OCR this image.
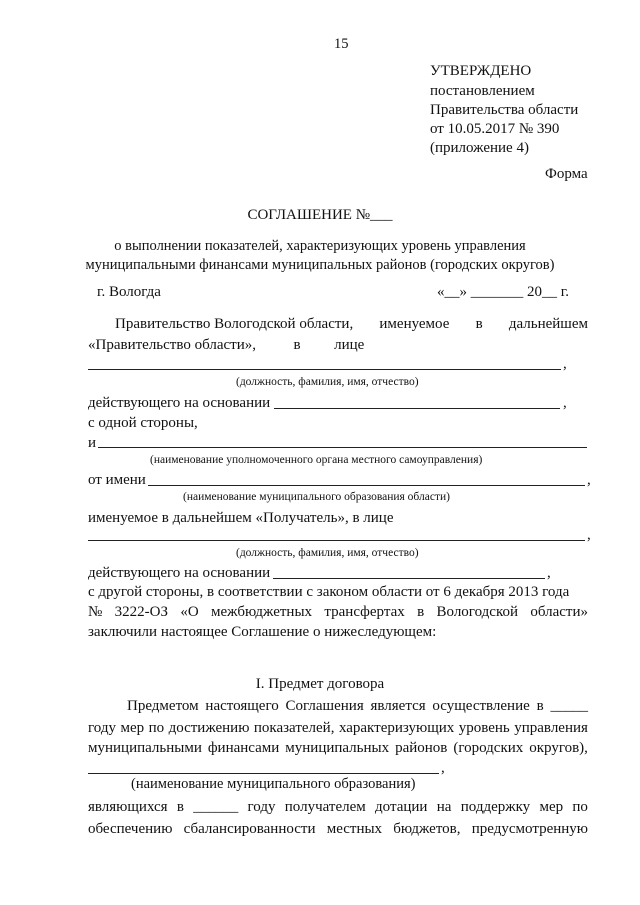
15
УТВЕРЖДЕНО
постановлением
Правительства области
от 10.05.2017 № 390
(приложение 4)
Форма
СОГЛАШЕНИЕ №___
о выполнении показателей, характеризующих уровень управления
муниципальными финансами муниципальных районов (городских округов)
г. Вологда	«__» _______ 20__ г.
Правительство Вологодской области, именуемое в дальнейшем
«Правительство области»,	в лице
,
(должность, фамилия, имя, отчество)
действующего на основании	,
с одной стороны,
и
(наименование уполномоченного органа местного самоуправления)
от имени	,
(наименование муниципального образования области)
именуемое в дальнейшем «Получатель», в лице
,
(должность, фамилия, имя, отчество)
действующего на основании	,
с другой стороны, в соответствии с законом области от 6 декабря 2013 года
№ 3222-ОЗ «О межбюджетных трансфертах в Вологодской области»
заключили настоящее Соглашение о нижеследующем:
I. Предмет договора
Предметом настоящего Соглашения является осуществление в _____
году мер по достижению показателей, характеризующих уровень управления
муниципальными финансами муниципальных районов (городских округов),
,
(наименование муниципального образования)
являющихся в ______ году получателем дотации на поддержку мер по
обеспечению сбалансированности местных бюджетов, предусмотренную
